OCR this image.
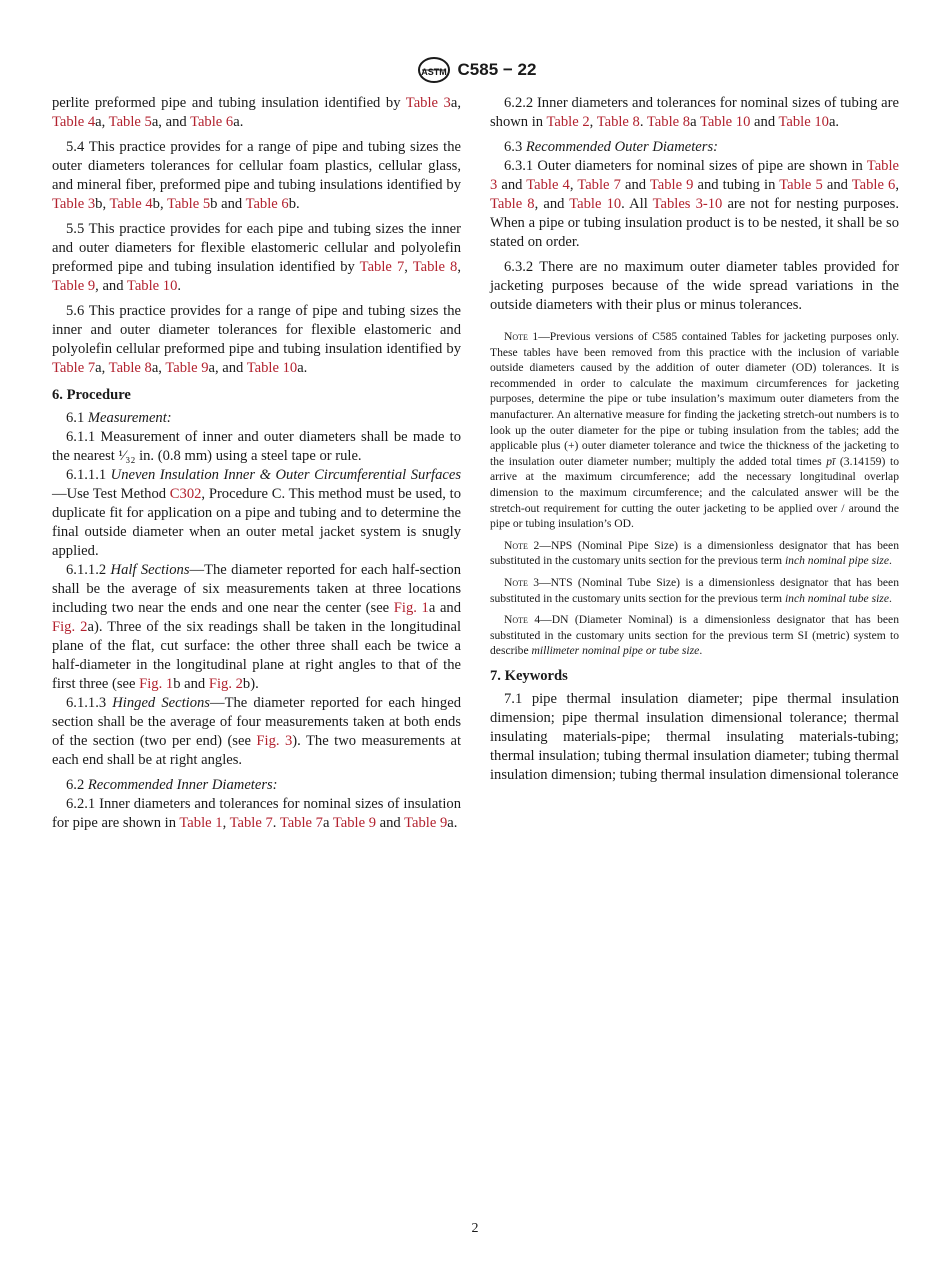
ASTM C585 − 22

perlite preformed pipe and tubing insulation identified by Table 3a, Table 4a, Table 5a, and Table 6a.

5.4 This practice provides for a range of pipe and tubing sizes the outer diameters tolerances for cellular foam plastics, cellular glass, and mineral fiber, preformed pipe and tubing insulations identified by Table 3b, Table 4b, Table 5b and Table 6b.

5.5 This practice provides for each pipe and tubing sizes the inner and outer diameters for flexible elastomeric cellular and polyolefin preformed pipe and tubing insulation identified by Table 7, Table 8, Table 9, and Table 10.

5.6 This practice provides for a range of pipe and tubing sizes the inner and outer diameter tolerances for flexible elastomeric and polyolefin cellular preformed pipe and tubing insulation identified by Table 7a, Table 8a, Table 9a, and Table 10a.

6. Procedure

6.1 Measurement:

6.1.1 Measurement of inner and outer diameters shall be made to the nearest ¹⁄₃₂ in. (0.8 mm) using a steel tape or rule.

6.1.1.1 Uneven Insulation Inner & Outer Circumferential Surfaces—Use Test Method C302, Procedure C. This method must be used, to duplicate fit for application on a pipe and tubing and to determine the final outside diameter when an outer metal jacket system is snugly applied.

6.1.1.2 Half Sections—The diameter reported for each half-section shall be the average of six measurements taken at three locations including two near the ends and one near the center (see Fig. 1a and Fig. 2a). Three of the six readings shall be taken in the longitudinal plane of the flat, cut surface: the other three shall each be twice a half-diameter in the longitudinal plane at right angles to that of the first three (see Fig. 1b and Fig. 2b).

6.1.1.3 Hinged Sections—The diameter reported for each hinged section shall be the average of four measurements taken at both ends of the section (two per end) (see Fig. 3). The two measurements at each end shall be at right angles.

6.2 Recommended Inner Diameters:

6.2.1 Inner diameters and tolerances for nominal sizes of insulation for pipe are shown in Table 1, Table 7. Table 7a Table 9 and Table 9a.

6.2.2 Inner diameters and tolerances for nominal sizes of tubing are shown in Table 2, Table 8. Table 8a Table 10 and Table 10a.

6.3 Recommended Outer Diameters:

6.3.1 Outer diameters for nominal sizes of pipe are shown in Table 3 and Table 4, Table 7 and Table 9 and tubing in Table 5 and Table 6, Table 8, and Table 10. All Tables 3-10 are not for nesting purposes. When a pipe or tubing insulation product is to be nested, it shall be so stated on order.

6.3.2 There are no maximum outer diameter tables provided for jacketing purposes because of the wide spread variations in the outside diameters with their plus or minus tolerances.

Note 1—Previous versions of C585 contained Tables for jacketing purposes only. These tables have been removed from this practice with the inclusion of variable outside diameters caused by the addition of outer diameter (OD) tolerances. It is recommended in order to calculate the maximum circumferences for jacketing purposes, determine the pipe or tube insulation’s maximum outer diameters from the manufacturer. An alternative measure for finding the jacketing stretch-out numbers is to look up the outer diameter for the pipe or tubing insulation from the tables; add the applicable plus (+) outer diameter tolerance and twice the thickness of the jacketing to the insulation outer diameter number; multiply the added total times pī (3.14159) to arrive at the maximum circumference; add the necessary longitudinal overlap dimension to the maximum circumference; and the calculated answer will be the stretch-out requirement for cutting the outer jacketing to be applied over / around the pipe or tubing insulation’s OD.

Note 2—NPS (Nominal Pipe Size) is a dimensionless designator that has been substituted in the customary units section for the previous term inch nominal pipe size.

Note 3—NTS (Nominal Tube Size) is a dimensionless designator that has been substituted in the customary units section for the previous term inch nominal tube size.

Note 4—DN (Diameter Nominal) is a dimensionless designator that has been substituted in the customary units section for the previous term SI (metric) system to describe millimeter nominal pipe or tube size.

7. Keywords

7.1 pipe thermal insulation diameter; pipe thermal insulation dimension; pipe thermal insulation dimensional tolerance; thermal insulating materials-pipe; thermal insulating materials-tubing; thermal insulation; tubing thermal insulation diameter; tubing thermal insulation dimension; tubing thermal insulation dimensional tolerance

2
